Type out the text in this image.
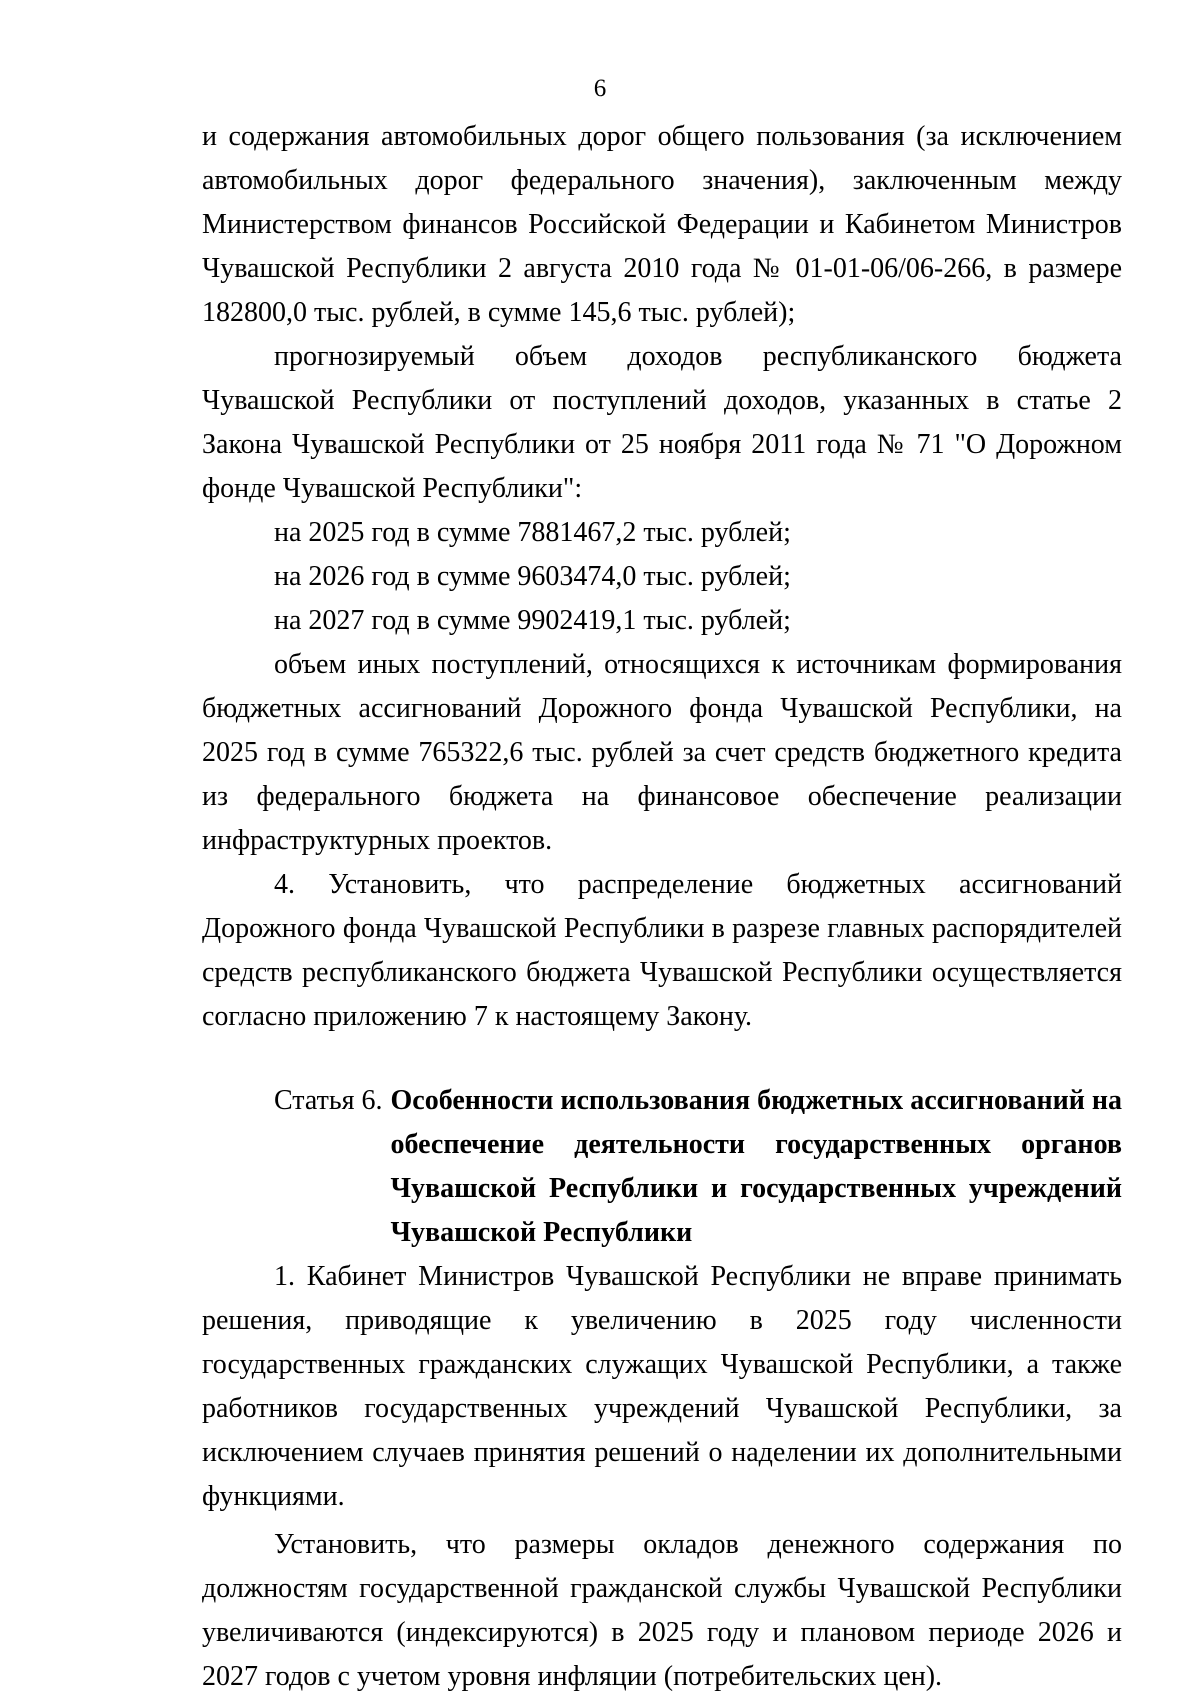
6

и содержания автомобильных дорог общего пользования (за исключением автомобильных дорог федерального значения), заключенным между Министерством финансов Российской Федерации и Кабинетом Министров Чувашской Республики 2 августа 2010 года № 01-01-06/06-266, в размере 182800,0 тыс. рублей, в сумме 145,6 тыс. рублей);

прогнозируемый объем доходов республиканского бюджета Чувашской Республики от поступлений доходов, указанных в статье 2 Закона Чувашской Республики от 25 ноября 2011 года № 71 "О Дорожном фонде Чувашской Республики":

на 2025 год в сумме 7881467,2 тыс. рублей;

на 2026 год в сумме 9603474,0 тыс. рублей;

на 2027 год в сумме 9902419,1 тыс. рублей;

объем иных поступлений, относящихся к источникам формирования бюджетных ассигнований Дорожного фонда Чувашской Республики, на 2025 год в сумме 765322,6 тыс. рублей за счет средств бюджетного кредита из федерального бюджета на финансовое обеспечение реализации инфраструктурных проектов.

4. Установить, что распределение бюджетных ассигнований Дорожного фонда Чувашской Республики в разрезе главных распорядителей средств республиканского бюджета Чувашской Республики осуществляется согласно приложению 7 к настоящему Закону.

Статья 6. Особенности использования бюджетных ассигнований на обеспечение деятельности государственных органов Чувашской Республики и государственных учреждений Чувашской Республики

1. Кабинет Министров Чувашской Республики не вправе принимать решения, приводящие к увеличению в 2025 году численности государственных гражданских служащих Чувашской Республики, а также работников государственных учреждений Чувашской Республики, за исключением случаев принятия решений о наделении их дополнительными функциями.

Установить, что размеры окладов денежного содержания по должностям государственной гражданской службы Чувашской Республики увеличиваются (индексируются) в 2025 году и плановом периоде 2026 и 2027 годов с учетом уровня инфляции (потребительских цен).
